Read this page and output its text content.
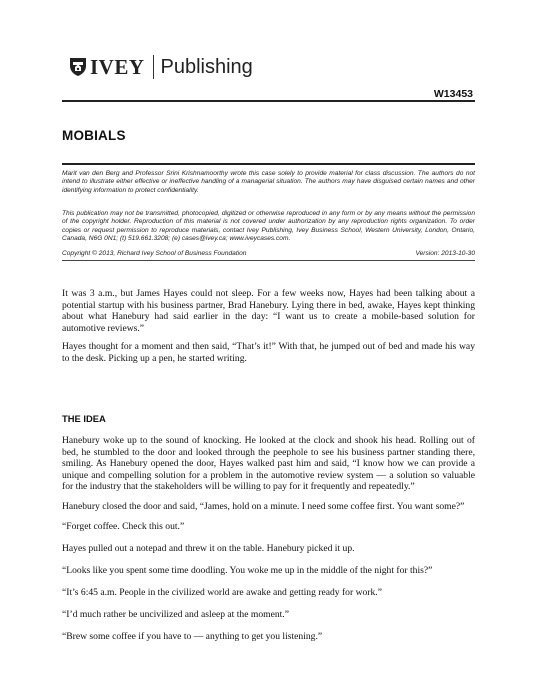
IVEY Publishing
W13453
MOBIALS
Marit van den Berg and Professor Srini Krishnamoorthy wrote this case solely to provide material for class discussion. The authors do not intend to illustrate either effective or ineffective handling of a managerial situation. The authors may have disguised certain names and other identifying information to protect confidentiality.
This publication may not be transmitted, photocopied, digitized or otherwise reproduced in any form or by any means without the permission of the copyright holder. Reproduction of this material is not covered under authorization by any reproduction rights organization. To order copies or request permission to reproduce materials, contact Ivey Publishing, Ivey Business School, Western University, London, Ontario, Canada, N6G 0N1; (t) 519.661.3208; (e) cases@ivey.ca; www.iveycases.com.
Copyright © 2013, Richard Ivey School of Business Foundation	Version: 2013-10-30

It was 3 a.m., but James Hayes could not sleep. For a few weeks now, Hayes had been talking about a potential startup with his business partner, Brad Hanebury. Lying there in bed, awake, Hayes kept thinking about what Hanebury had said earlier in the day: “I want us to create a mobile-based solution for automotive reviews.”

Hayes thought for a moment and then said, “That’s it!” With that, he jumped out of bed and made his way to the desk. Picking up a pen, he started writing.

THE IDEA

Hanebury woke up to the sound of knocking. He looked at the clock and shook his head. Rolling out of bed, he stumbled to the door and looked through the peephole to see his business partner standing there, smiling. As Hanebury opened the door, Hayes walked past him and said, “I know how we can provide a unique and compelling solution for a problem in the automotive review system — a solution so valuable for the industry that the stakeholders will be willing to pay for it frequently and repeatedly.”

Hanebury closed the door and said, “James, hold on a minute. I need some coffee first. You want some?”

“Forget coffee. Check this out.”

Hayes pulled out a notepad and threw it on the table. Hanebury picked it up.

“Looks like you spent some time doodling. You woke me up in the middle of the night for this?”

“It’s 6:45 a.m. People in the civilized world are awake and getting ready for work.”

“I’d much rather be uncivilized and asleep at the moment.”

“Brew some coffee if you have to — anything to get you listening.”
